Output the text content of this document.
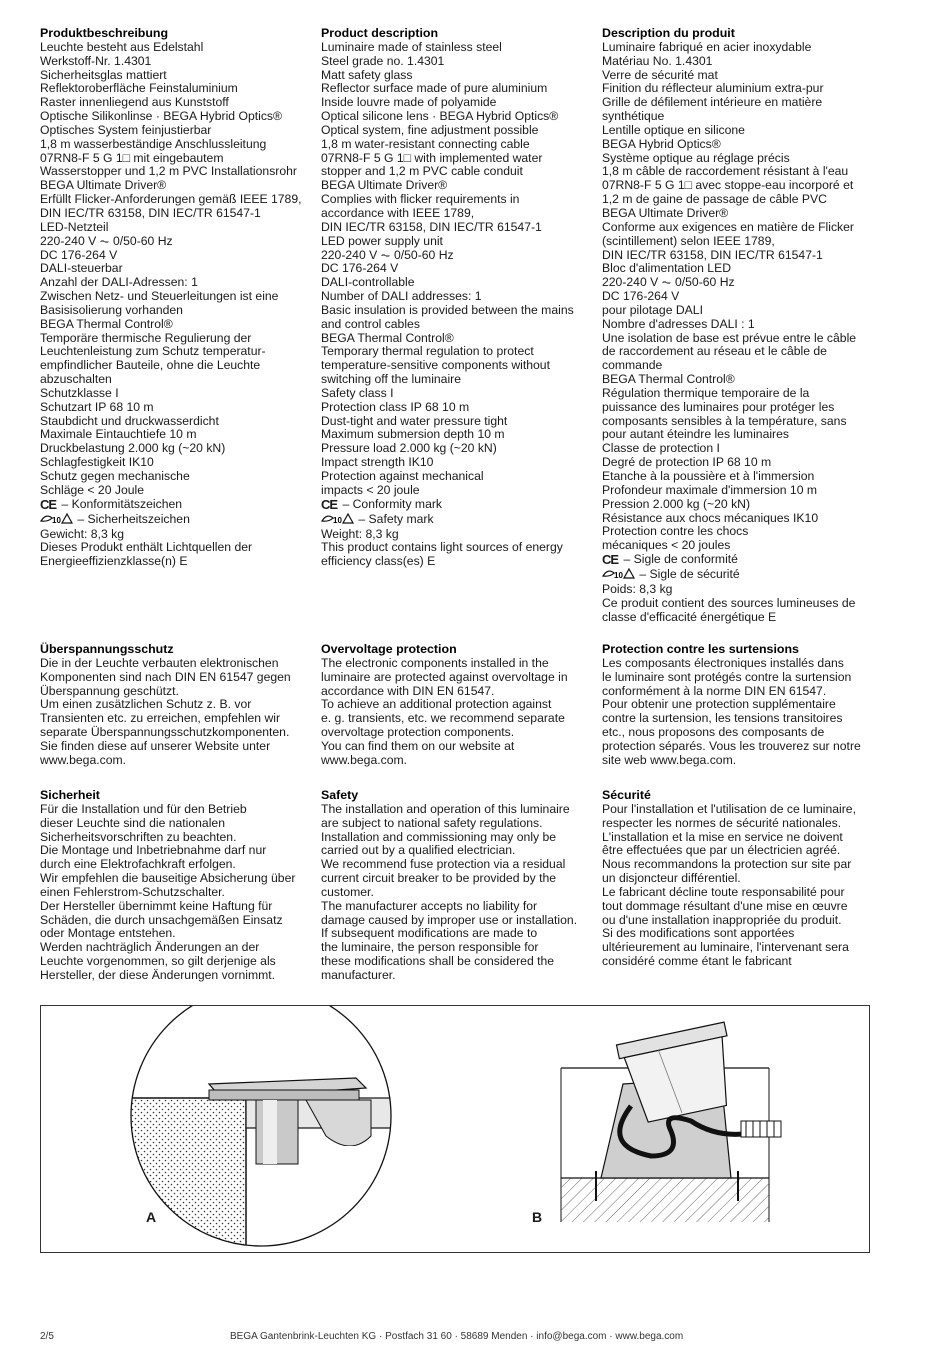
Produktbeschreibung

Leuchte besteht aus Edelstahl

Werkstoff-Nr. 1.4301

Sicherheitsglas mattiert

Reflektoroberfläche Feinstaluminium

Raster innenliegend aus Kunststoff

Optische Silikonlinse · BEGA Hybrid Optics®

Optisches System feinjustierbar

1,8 m wasserbeständige Anschlussleitung

07RN8-F 5 G 1□ mit eingebautem

Wasserstopper und 1,2 m PVC Installationsrohr

BEGA Ultimate Driver®

Erfüllt Flicker-Anforderungen gemäß IEEE 1789,

DIN IEC/TR 63158, DIN IEC/TR 61547-1

LED-Netzteil

220-240 V ⏦ 0/50-60 Hz

DC 176-264 V

DALI-steuerbar

Anzahl der DALI-Adressen: 1

Zwischen Netz- und Steuerleitungen ist eine

Basisisolierung vorhanden

BEGA Thermal Control®

Temporäre thermische Regulierung der

Leuchtenleistung zum Schutz temperatur-

empfindlicher Bauteile, ohne die Leuchte

abzuschalten

Schutzklasse I

Schutzart IP 68 10 m

Staubdicht und druckwasserdicht

Maximale Eintauchtiefe 10 m

Druckbelastung 2.000 kg (~20 kN)

Schlagfestigkeit IK10

Schutz gegen mechanische

Schläge < 20 Joule

CE – Konformitätszeichen

10 – Sicherheitszeichen

Gewicht: 8,3 kg

Dieses Produkt enthält Lichtquellen der

Energieeffizienzklasse(n) E

Product description

Luminaire made of stainless steel

Steel grade no. 1.4301

Matt safety glass

Reflector surface made of pure aluminium

Inside louvre made of polyamide

Optical silicone lens · BEGA Hybrid Optics®

Optical system, fine adjustment possible

1,8 m water-resistant connecting cable

07RN8-F 5 G 1□ with implemented water

stopper and 1,2 m PVC cable conduit

BEGA Ultimate Driver®

Complies with flicker requirements in

accordance with IEEE 1789,

DIN IEC/TR 63158, DIN IEC/TR 61547-1

LED power supply unit

220-240 V ⏦ 0/50-60 Hz

DC 176-264 V

DALI-controllable

Number of DALI addresses: 1

Basic insulation is provided between the mains

and control cables

BEGA Thermal Control®

Temporary thermal regulation to protect

temperature-sensitive components without

switching off the luminaire

Safety class I

Protection class IP 68 10 m

Dust-tight and water pressure tight

Maximum submersion depth 10 m

Pressure load 2.000 kg (~20 kN)

Impact strength IK10

Protection against mechanical

impacts < 20 joule

CE – Conformity mark

10 – Safety mark

Weight: 8,3 kg

This product contains light sources of energy

efficiency class(es) E

Description du produit

Luminaire fabriqué en acier inoxydable

Matériau No. 1.4301

Verre de sécurité mat

Finition du réflecteur aluminium extra-pur

Grille de défilement intérieure en matière

synthétique

Lentille optique en silicone

BEGA Hybrid Optics®

Système optique au réglage précis

1,8 m câble de raccordement résistant à l'eau

07RN8-F 5 G 1□ avec stoppe-eau incorporé et

1,2 m de gaine de passage de câble PVC

BEGA Ultimate Driver®

Conforme aux exigences en matière de Flicker

(scintillement) selon IEEE 1789,

DIN IEC/TR 63158, DIN IEC/TR 61547-1

Bloc d'alimentation LED

220-240 V ⏦ 0/50-60 Hz

DC 176-264 V

pour pilotage DALI

Nombre d'adresses DALI : 1

Une isolation de base est prévue entre le câble

de raccordement au réseau et le câble de

commande

BEGA Thermal Control®

Régulation thermique temporaire de la

puissance des luminaires pour protéger les

composants sensibles à la température, sans

pour autant éteindre les luminaires

Classe de protection I

Degré de protection IP 68 10 m

Etanche à la poussière et à l'immersion

Profondeur maximale d'immersion 10 m

Pression 2.000 kg (~20 kN)

Résistance aux chocs mécaniques IK10

Protection contre les chocs

mécaniques < 20 joules

CE – Sigle de conformité

10 – Sigle de sécurité

Poids: 8,3 kg

Ce produit contient des sources lumineuses de

classe d'efficacité énergétique E

Überspannungsschutz

Die in der Leuchte verbauten elektronischen

Komponenten sind nach DIN EN 61547 gegen

Überspannung geschützt.

Um einen zusätzlichen Schutz z. B. vor

Transienten etc. zu erreichen, empfehlen wir

separate Überspannungsschutzkomponenten.

Sie finden diese auf unserer Website unter

www.bega.com.

Overvoltage protection

The electronic components installed in the

luminaire are protected against overvoltage in

accordance with DIN EN 61547.

To achieve an additional protection against

e. g. transients, etc. we recommend separate

overvoltage protection components.

You can find them on our website at

www.bega.com.

Protection contre les surtensions

Les composants électroniques installés dans

le luminaire sont protégés contre la surtension

conformément à la norme DIN EN 61547.

Pour obtenir une protection supplémentaire

contre la surtension, les tensions transitoires

etc., nous proposons des composants de

protection séparés. Vous les trouverez sur notre

site web www.bega.com.

Sicherheit

Für die Installation und für den Betrieb

dieser Leuchte sind die nationalen

Sicherheitsvorschriften zu beachten.

Die Montage und Inbetriebnahme darf nur

durch eine Elektrofachkraft erfolgen.

Wir empfehlen die bauseitige Absicherung über

einen Fehlerstrom-Schutzschalter.

Der Hersteller übernimmt keine Haftung für

Schäden, die durch unsachgemäßen Einsatz

oder Montage entstehen.

Werden nachträglich Änderungen an der

Leuchte vorgenommen, so gilt derjenige als

Hersteller, der diese Änderungen vornimmt.

Safety

The installation and operation of this luminaire

are subject to national safety regulations.

Installation and commissioning may only be

carried out by a qualified electrician.

We recommend fuse protection via a residual

current circuit breaker to be provided by the

customer.

The manufacturer accepts no liability for

damage caused by improper use or installation.

If subsequent modifications are made to

the luminaire, the person responsible for

these modifications shall be considered the

manufacturer.

Sécurité

Pour l'installation et l'utilisation de ce luminaire,

respecter les normes de sécurité nationales.

L'installation et la mise en service ne doivent

être effectuées que par un électricien agréé.

Nous recommandons la protection sur site par

un disjoncteur différentiel.

Le fabricant décline toute responsabilité pour

tout dommage résultant d'une mise en œuvre

ou d'une installation inappropriée du produit.

Si des modifications sont apportées

ultérieurement au luminaire, l'intervenant sera

considéré comme étant le fabricant

A	B
2/5	BEGA Gantenbrink-Leuchten KG · Postfach 31 60 · 58689 Menden · info@bega.com · www.bega.com
